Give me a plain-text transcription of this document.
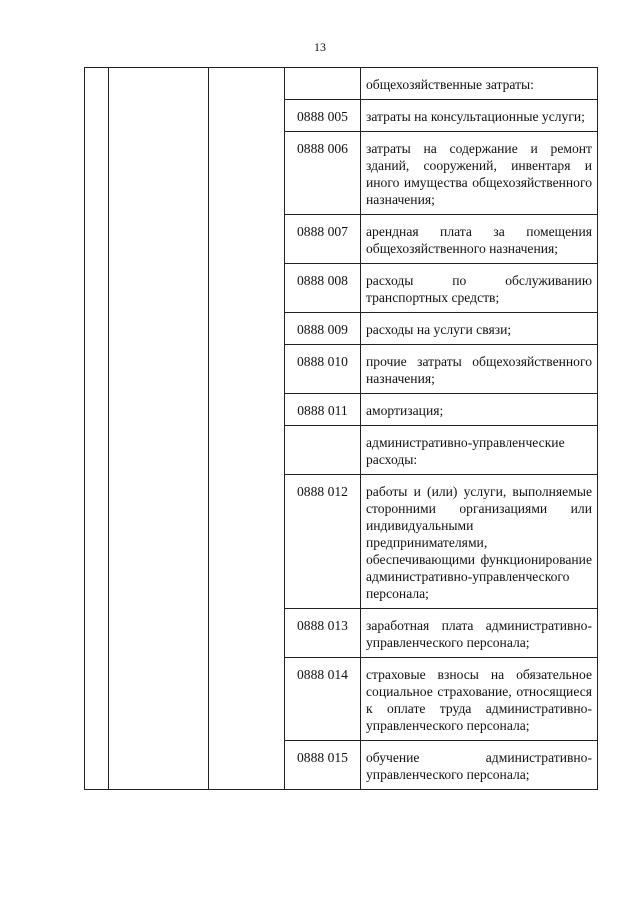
13
				общехозяйственные затраты:
			0888 005	затраты на консультационные услуги;
			0888 006	затраты на содержание и ремонт зданий, сооружений, инвентаря и иного имущества общехозяйственного назначения;
			0888 007	арендная плата за помещения общехозяйственного назначения;
			0888 008	расходы по обслуживанию транспортных средств;
			0888 009	расходы на услуги связи;
			0888 010	прочие затраты общехозяйственного назначения;
			0888 011	амортизация;
				административно-управленческие расходы:
			0888 012	работы и (или) услуги, выполняемые сторонними организациями или индивидуальными предпринимателями, обеспечивающими функционирование административно-управленческого персонала;
			0888 013	заработная плата административно-управленческого персонала;
			0888 014	страховые взносы на обязательное социальное страхование, относящиеся к оплате труда административно-управленческого персонала;
			0888 015	обучение административно-управленческого персонала;
